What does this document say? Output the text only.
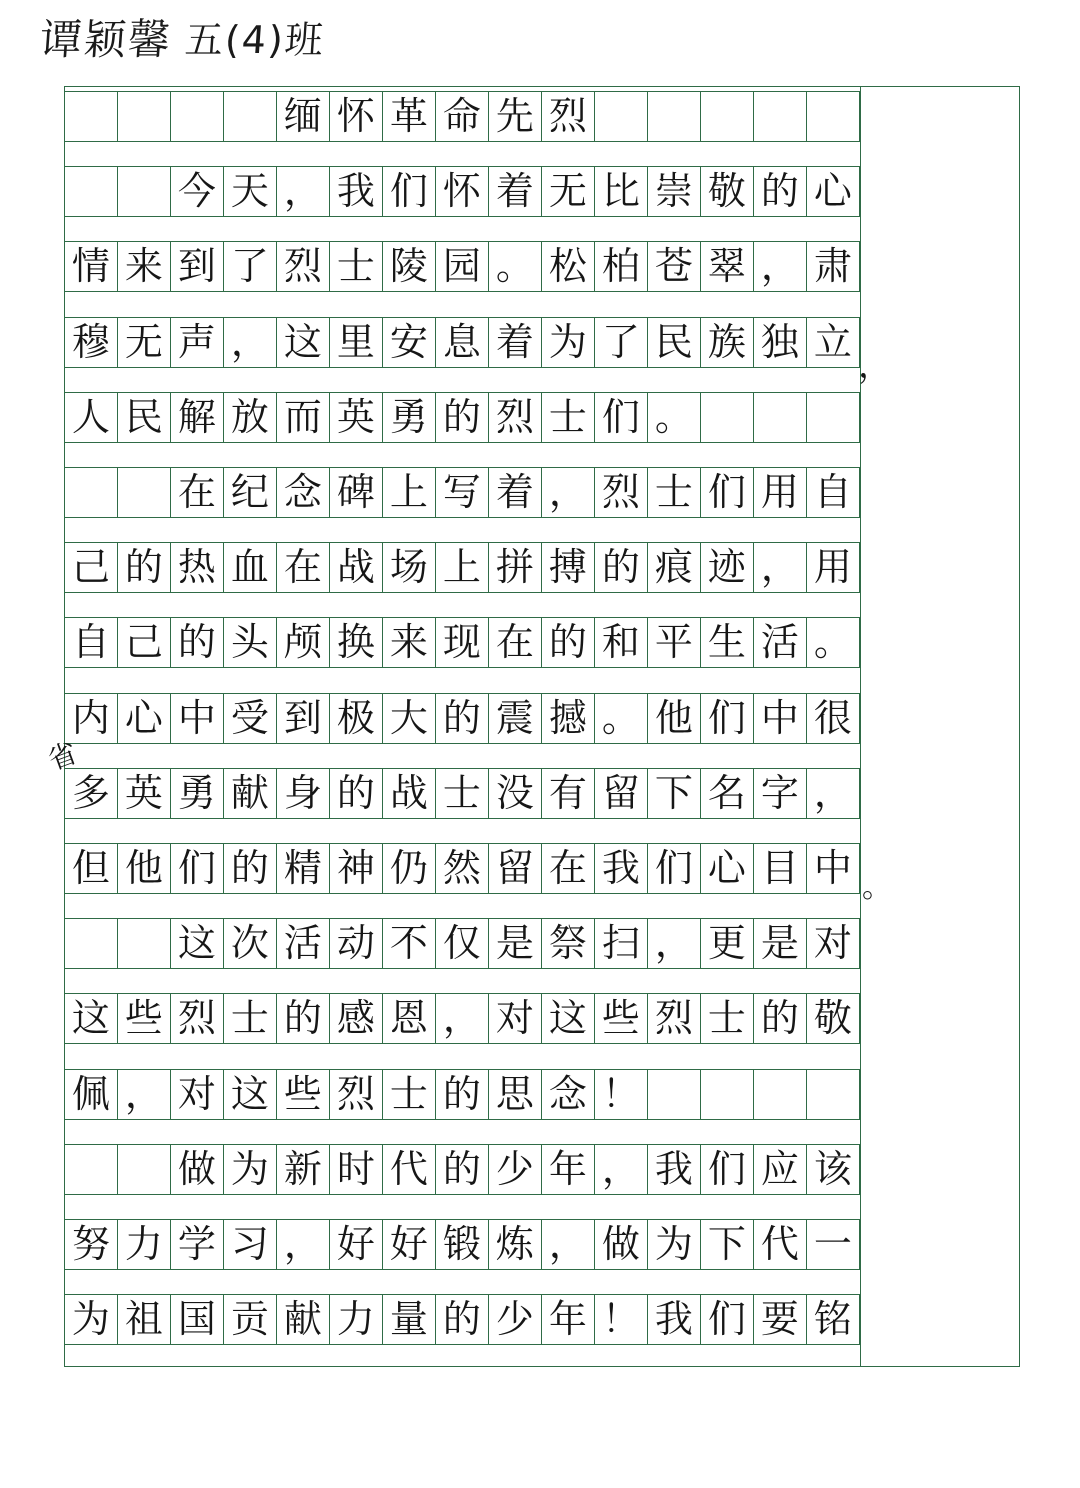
谭颖馨 五(4)班
缅 怀 革 命 先 烈
今 天 ， 我 们 怀 着 无 比 崇 敬 的 心
情 来 到 了 烈 士 陵 园 。 松 柏 苍 翠 ， 肃
穆 无 声 ， 这 里 安 息 着 为 了 民 族 独 立
人 民 解 放 而 英 勇 的 烈 士 们 。
在 纪 念 碑 上 写 着 ， 烈 士 们 用 自
己 的 热 血 在 战 场 上 拼 搏 的 痕 迹 ， 用
自 己 的 头 颅 换 来 现 在 的 和 平 生 活 。
内 心 中 受 到 极 大 的 震 撼 。 他 们 中 很
多 英 勇 献 身 的 战 士 没 有 留 下 名 字 ，
但 他 们 的 精 神 仍 然 留 在 我 们 心 目 中
这 次 活 动 不 仅 是 祭 扫 ， 更 是 对
这 些 烈 士 的 感 恩 ， 对 这 些 烈 士 的 敬
佩 ， 对 这 些 烈 士 的 思 念 ！
做 为 新 时 代 的 少 年 ， 我 们 应 该
努 力 学 习 ， 好 好 锻 炼 ， 做 为 下 代 一
为 祖 国 贡 献 力 量 的 少 年 ！ 我 们 要 铭
省
，
。
